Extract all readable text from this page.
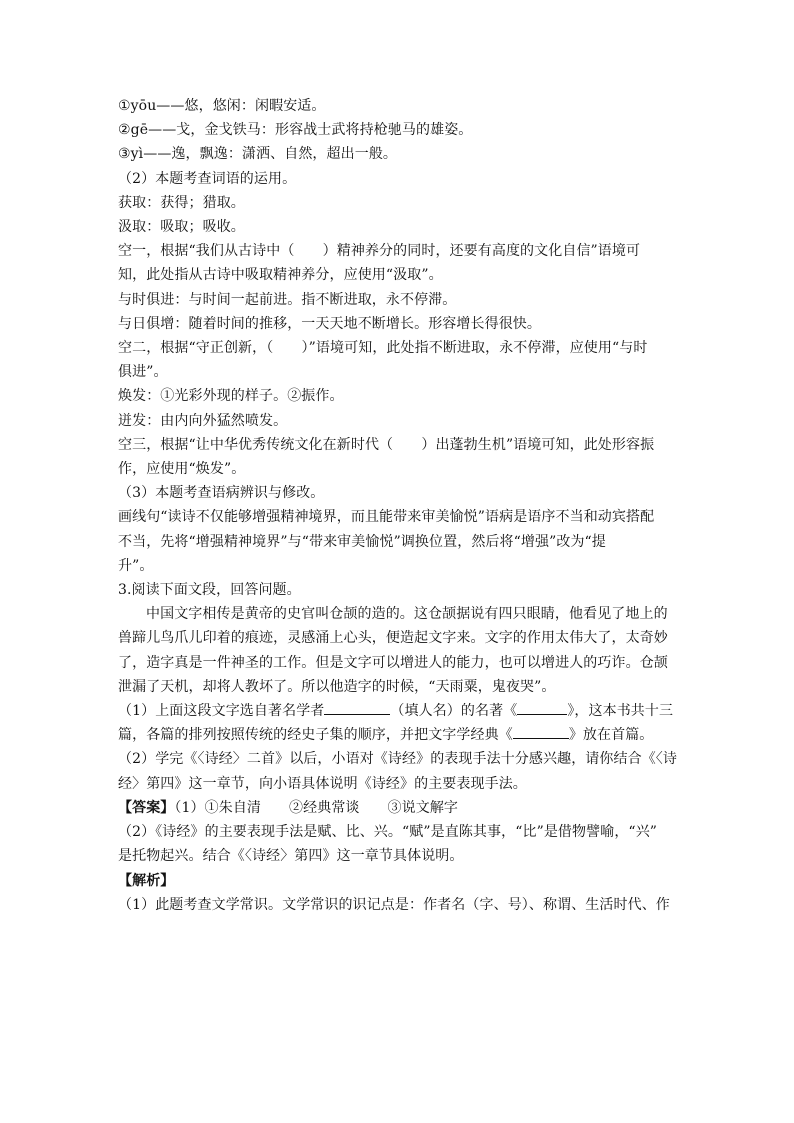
①yōu——悠，悠闲：闲暇安适。
②gē——戈，金戈铁马：形容战士武将持枪驰马的雄姿。
③yì——逸，飘逸：潇洒、自然，超出一般。
（2）本题考查词语的运用。
获取：获得；猎取。
汲取：吸取；吸收。
空一，根据“我们从古诗中（　　）精神养分的同时，还要有高度的文化自信”语境可
知，此处指从古诗中吸取精神养分，应使用“汲取”。
与时俱进：与时间一起前进。指不断进取，永不停滞。
与日俱增：随着时间的推移，一天天地不断增长。形容增长得很快。
空二，根据“守正创新，（　　）”语境可知，此处指不断进取，永不停滞，应使用“与时
俱进”。
焕发：①光彩外现的样子。②振作。
迸发：由内向外猛然喷发。
空三，根据“让中华优秀传统文化在新时代（　　）出蓬勃生机”语境可知，此处形容振
作，应使用“焕发”。
（3）本题考查语病辨识与修改。
画线句“读诗不仅能够增强精神境界，而且能带来审美愉悦”语病是语序不当和动宾搭配
不当，先将“增强精神境界”与“带来审美愉悦”调换位置，然后将“增强”改为“提
升”。
3.阅读下面文段，回答问题。
中国文字相传是黄帝的史官叫仓颉的造的。这仓颉据说有四只眼睛，他看见了地上的
兽蹄儿鸟爪儿印着的痕迹，灵感涌上心头，便造起文字来。文字的作用太伟大了，太奇妙
了，造字真是一件神圣的工作。但是文字可以增进人的能力，也可以增进人的巧诈。仓颉
泄漏了天机，却将人教坏了。所以他造字的时候，“天雨粟，鬼夜哭”。
（1）上面这段文字选自著名学者	（填人名）的名著《	》，这本书共十三
篇，各篇的排列按照传统的经史子集的顺序，并把文字学经典《	》放在首篇。
（2）学完《〈诗经〉二首》以后，小语对《诗经》的表现手法十分感兴趣，请你结合《〈诗
经〉第四》这一章节，向小语具体说明《诗经》的主要表现手法。
【答案】（1）①朱自清 ②经典常谈 ③说文解字
（2）《诗经》的主要表现手法是赋、比、兴。“赋”是直陈其事，“比”是借物譬喻，“兴”
是托物起兴。结合《〈诗经〉第四》这一章节具体说明。
【解析】
（1）此题考查文学常识。文学常识的识记点是：作者名（字、号）、称谓、生活时代、作
